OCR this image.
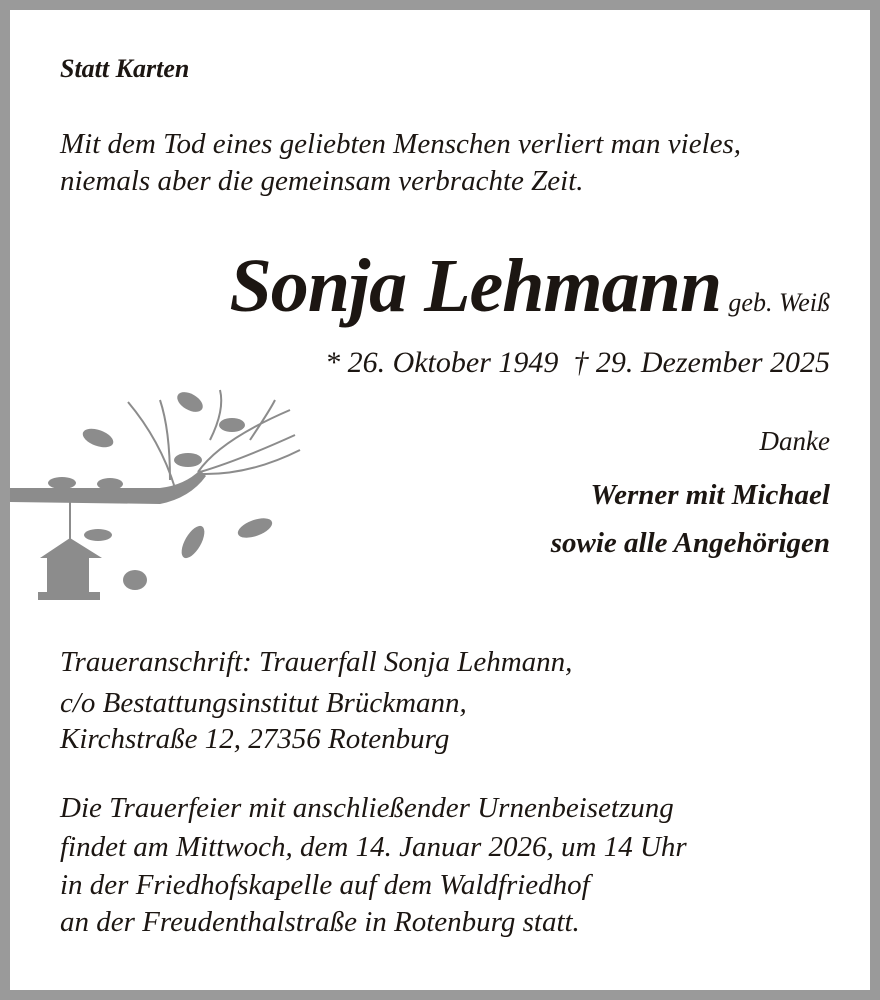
Statt Karten
Mit dem Tod eines geliebten Menschen verliert man vieles,
niemals aber die gemeinsam verbrachte Zeit.
Sonja Lehmann geb. Weiß
* 26. Oktober 1949  † 29. Dezember 2025
Danke
Werner mit Michael
sowie alle Angehörigen
Traueranschrift: Trauerfall Sonja Lehmann,
c/o Bestattungsinstitut Brückmann,
Kirchstraße 12, 27356 Rotenburg
Die Trauerfeier mit anschließender Urnenbeisetzung
findet am Mittwoch, dem 14. Januar 2026, um 14 Uhr
in der Friedhofskapelle auf dem Waldfriedhof
an der Freudenthalstraße in Rotenburg statt.
